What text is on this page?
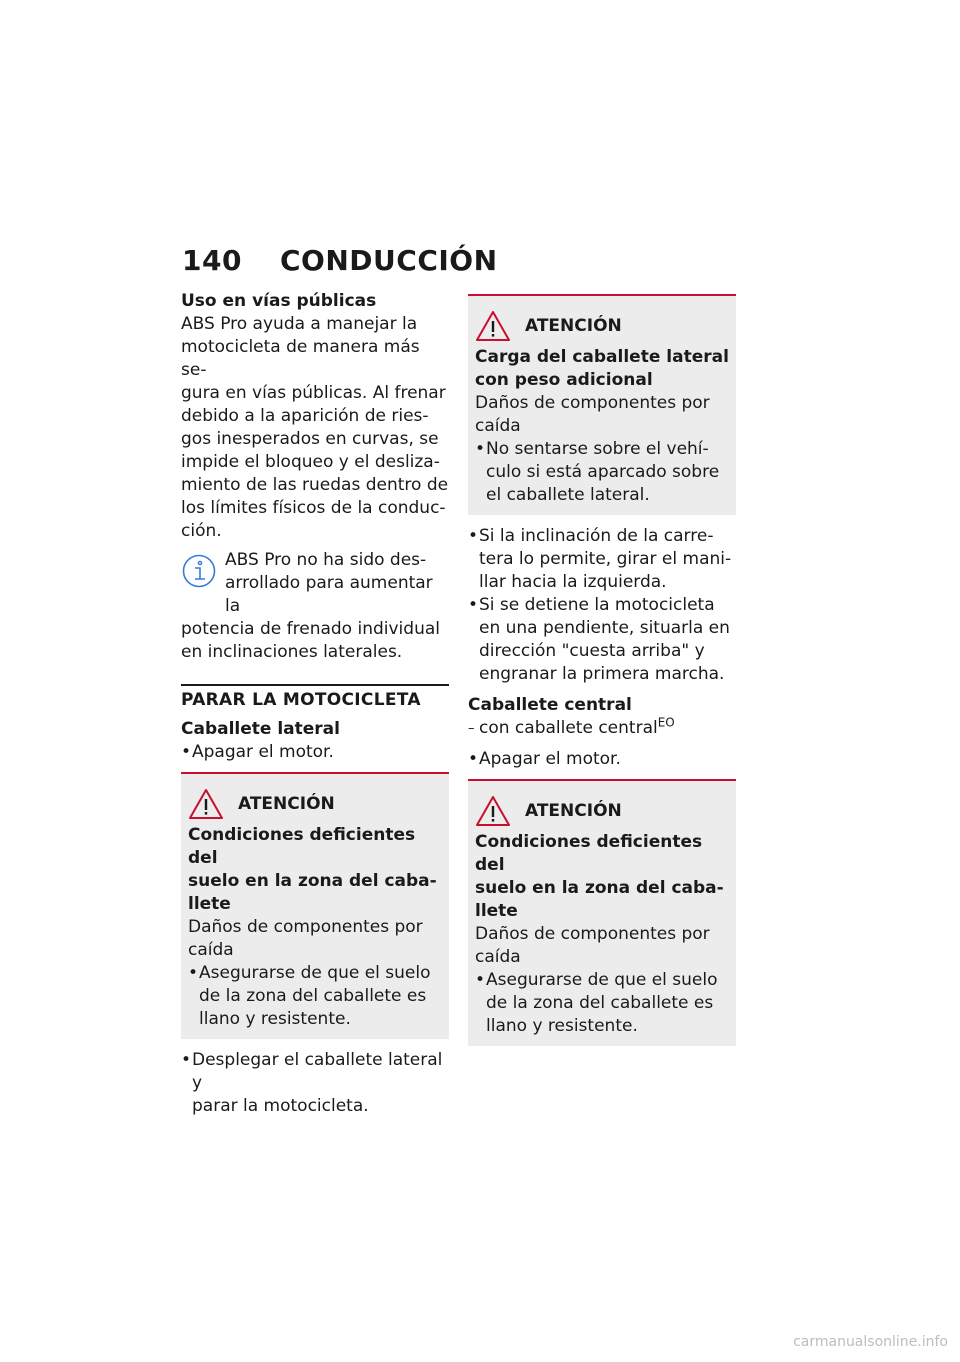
140 CONDUCCIÓN

Uso en vías públicas

ABS Pro ayuda a manejar la

motocicleta de manera más se-

gura en vías públicas. Al frenar

debido a la aparición de ries-

gos inesperados en curvas, se

impide el bloqueo y el desliza-

miento de las ruedas dentro de

los límites físicos de la conduc-

ción.

ABS Pro no ha sido des-

arrollado para aumentar la

potencia de frenado individual

en inclinaciones laterales.

PARAR LA MOTOCICLETA

Caballete lateral

• Apagar el motor.

ATENCIÓN

Condiciones deficientes del

suelo en la zona del caba-

llete

Daños de componentes por

caída

• Asegurarse de que el suelo

de la zona del caballete es

llano y resistente.

• Desplegar el caballete lateral y

parar la motocicleta.

ATENCIÓN

Carga del caballete lateral

con peso adicional

Daños de componentes por

caída

• No sentarse sobre el vehí-

culo si está aparcado sobre

el caballete lateral.

• Si la inclinación de la carre-

tera lo permite, girar el mani-

llar hacia la izquierda.

• Si se detiene la motocicleta

en una pendiente, situarla en

dirección "cuesta arriba" y

engranar la primera marcha.

Caballete central

– con caballete central$^{EO}$

• Apagar el motor.

ATENCIÓN

Condiciones deficientes del

suelo en la zona del caba-

llete

Daños de componentes por

caída

• Asegurarse de que el suelo

de la zona del caballete es

llano y resistente.

carmanualsonline.info
